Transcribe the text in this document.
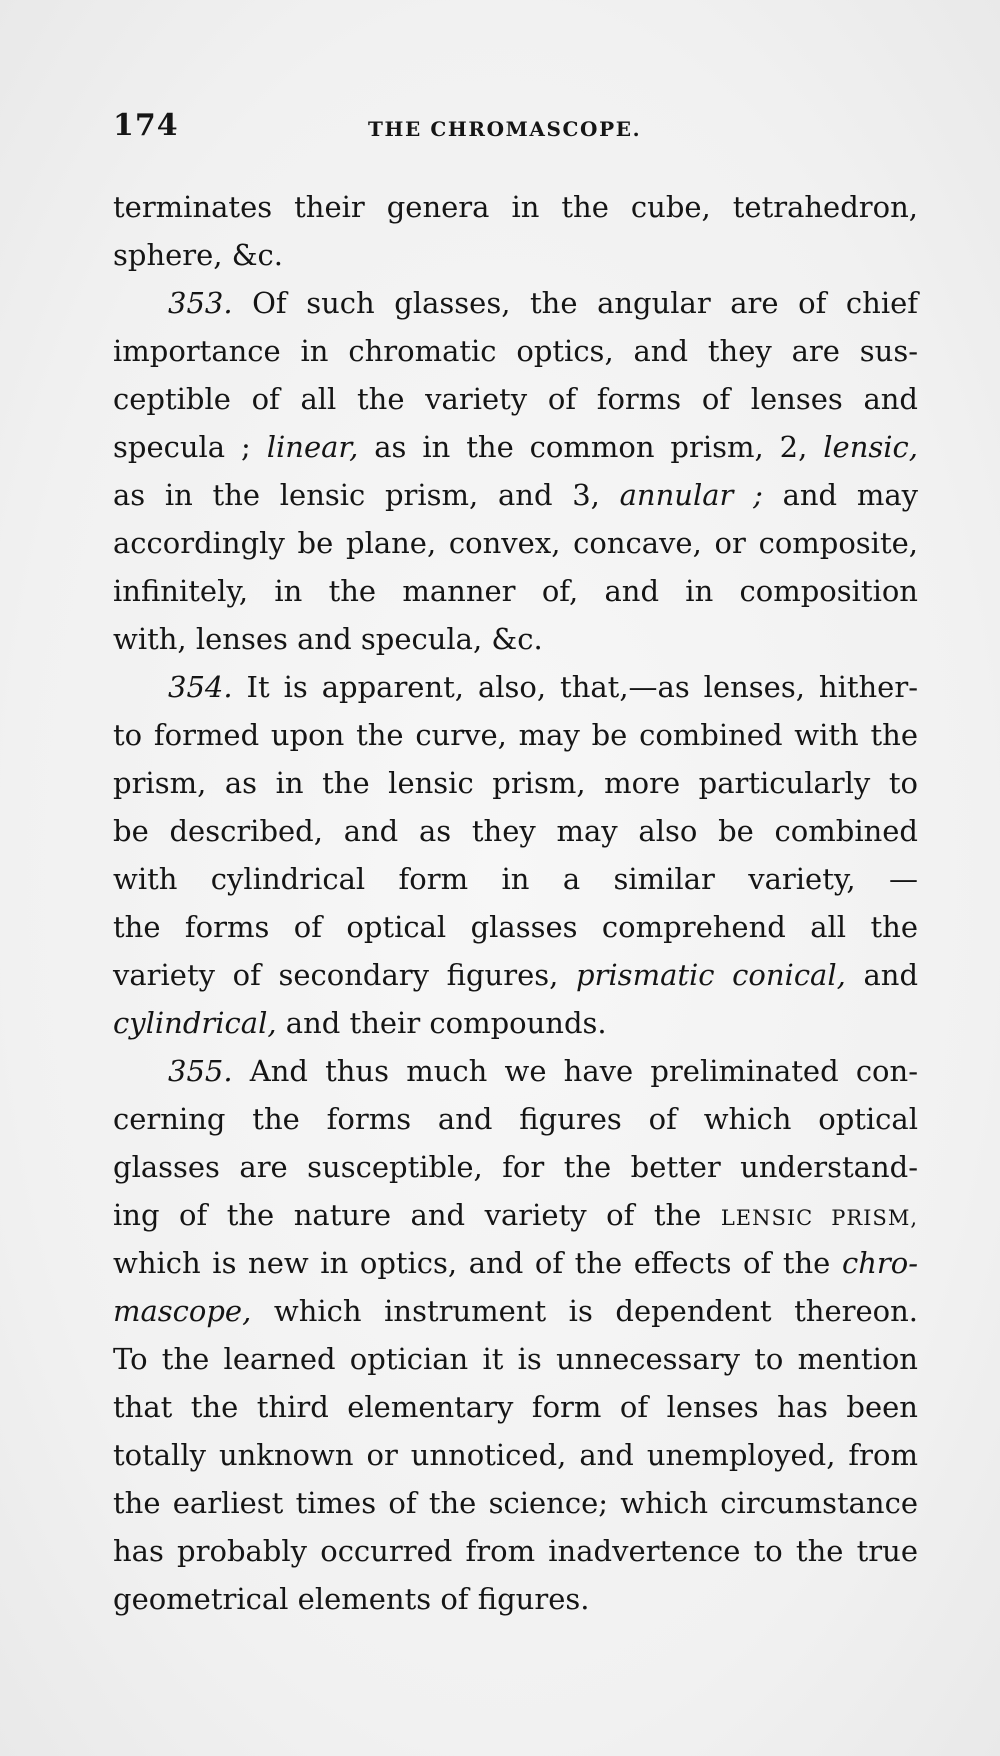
174	THE CHROMASCOPE.
terminates their genera in the cube, tetrahedron,
sphere, &c.
353. Of such glasses, the angular are of chief
importance in chromatic optics, and they are sus-
ceptible of all the variety of forms of lenses and
specula ; linear, as in the common prism, 2, lensic,
as in the lensic prism, and 3, annular ; and may
accordingly be plane, convex, concave, or composite,
infinitely, in the manner of, and in composition
with, lenses and specula, &c.
354. It is apparent, also, that,—as lenses, hither-
to formed upon the curve, may be combined with the
prism, as in the lensic prism, more particularly to
be described, and as they may also be combined
with cylindrical form in a similar variety, —
the forms of optical glasses comprehend all the
variety of secondary figures, prismatic conical, and
cylindrical, and their compounds.
355. And thus much we have preliminated con-
cerning the forms and figures of which optical
glasses are susceptible, for the better understand-
ing of the nature and variety of the LENSIC PRISM,
which is new in optics, and of the effects of the chro-
mascope, which instrument is dependent thereon.
To the learned optician it is unnecessary to mention
that the third elementary form of lenses has been
totally unknown or unnoticed, and unemployed, from
the earliest times of the science; which circumstance
has probably occurred from inadvertence to the true
geometrical elements of figures.
